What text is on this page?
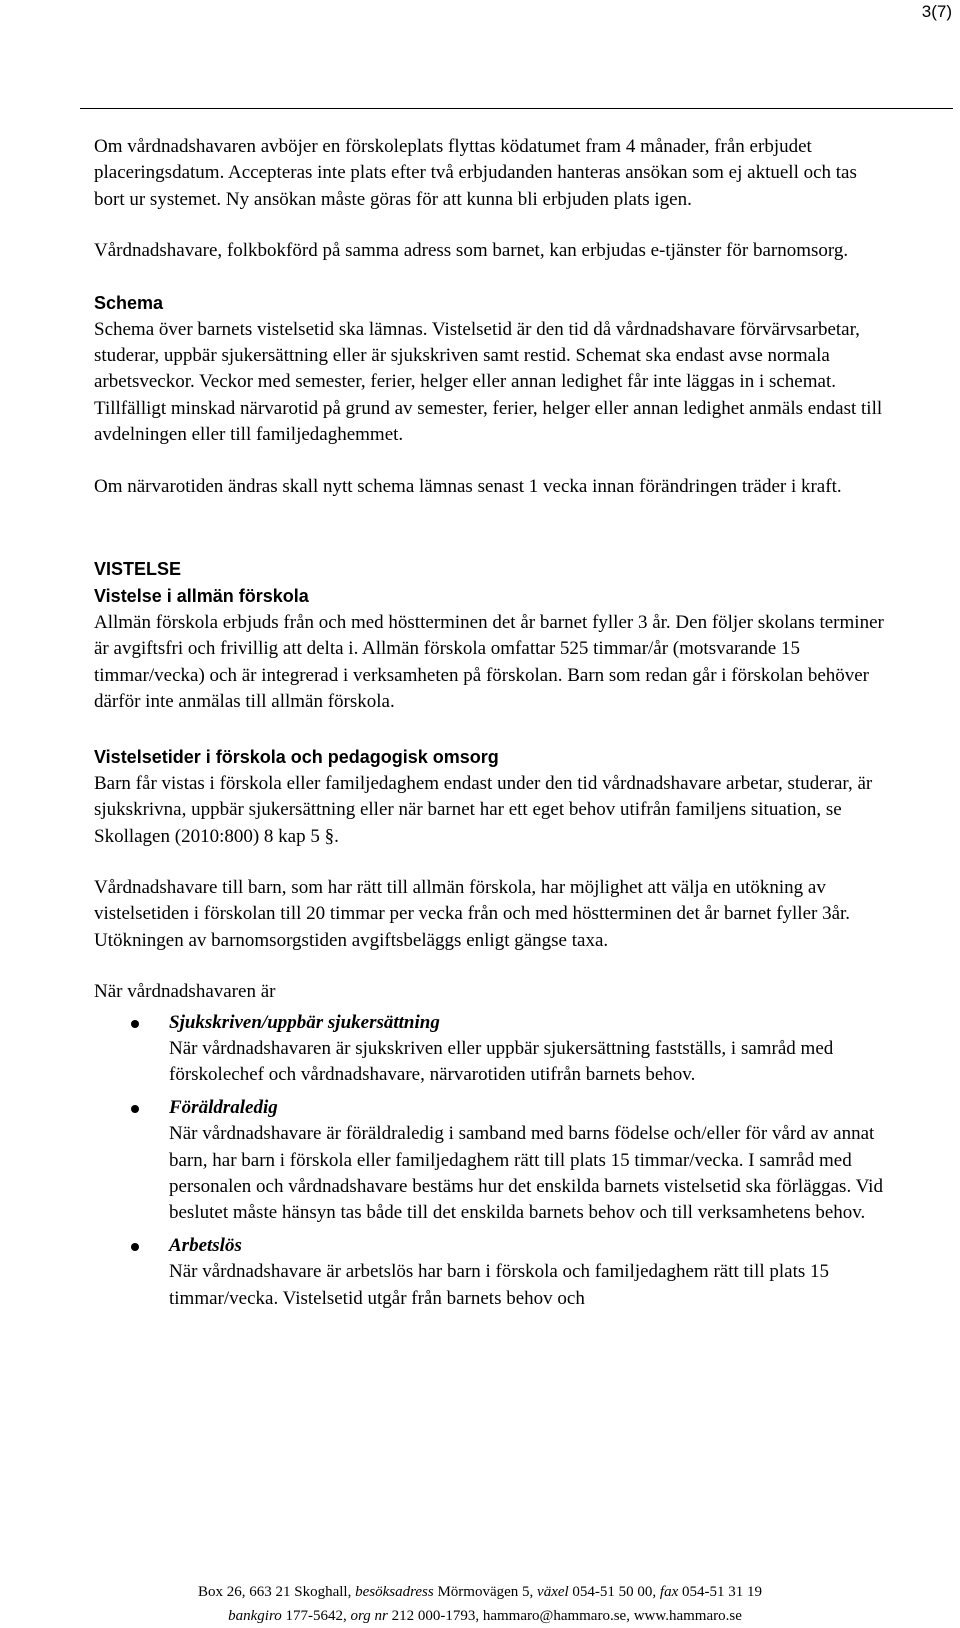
3(7)

Om vårdnadshavaren avböjer en förskoleplats flyttas ködatumet fram 4 månader, från erbjudet placeringsdatum. Accepteras inte plats efter två erbjudanden hanteras ansökan som ej aktuell och tas bort ur systemet. Ny ansökan måste göras för att kunna bli erbjuden plats igen.

Vårdnadshavare, folkbokförd på samma adress som barnet, kan erbjudas e-tjänster för barnomsorg.

Schema

Schema över barnets vistelsetid ska lämnas. Vistelsetid är den tid då vårdnadshavare förvärvsarbetar, studerar, uppbär sjukersättning eller är sjukskriven samt restid. Schemat ska endast avse normala arbetsveckor. Veckor med semester, ferier, helger eller annan ledighet får inte läggas in i schemat. Tillfälligt minskad närvarotid på grund av semester, ferier, helger eller annan ledighet anmäls endast till avdelningen eller till familjedaghemmet.

Om närvarotiden ändras skall nytt schema lämnas senast 1 vecka innan förändringen träder i kraft.

VISTELSE
Vistelse i allmän förskola

Allmän förskola erbjuds från och med höstterminen det år barnet fyller 3 år. Den följer skolans terminer är avgiftsfri och frivillig att delta i. Allmän förskola omfattar 525 timmar/år (motsvarande 15 timmar/vecka) och är integrerad i verksamheten på förskolan. Barn som redan går i förskolan behöver därför inte anmälas till allmän förskola.

Vistelsetider i förskola och pedagogisk omsorg

Barn får vistas i förskola eller familjedaghem endast under den tid vårdnadshavare arbetar, studerar, är sjukskrivna, uppbär sjukersättning eller när barnet har ett eget behov utifrån familjens situation, se Skollagen (2010:800) 8 kap 5 §.

Vårdnadshavare till barn, som har rätt till allmän förskola, har möjlighet att välja en utökning av vistelsetiden i förskolan till 20 timmar per vecka från och med höstterminen det år barnet fyller 3år. Utökningen av barnomsorgstiden avgiftsbeläggs enligt gängse taxa.

När vårdnadshavaren är

Sjukskriven/uppbär sjukersättning
När vårdnadshavaren är sjukskriven eller uppbär sjukersättning fastställs, i samråd med förskolechef och vårdnadshavare, närvarotiden utifrån barnets behov.
Föräldraledig
När vårdnadshavare är föräldraledig i samband med barns födelse och/eller för vård av annat barn, har barn i förskola eller familjedaghem rätt till plats 15 timmar/vecka. I samråd med personalen och vårdnadshavare bestäms hur det enskilda barnets vistelsetid ska förläggas. Vid beslutet måste hänsyn tas både till det enskilda barnets behov och till verksamhetens behov.
Arbetslös
När vårdnadshavare är arbetslös har barn i förskola och familjedaghem rätt till plats 15 timmar/vecka. Vistelsetid utgår från barnets behov och
Box 26, 663 21 Skoghall, besöksadress Mörmovägen 5, växel 054-51 50 00, fax 054-51 31 19
bankgiro 177-5642, org nr 212 000-1793, hammaro@hammaro.se, www.hammaro.se
